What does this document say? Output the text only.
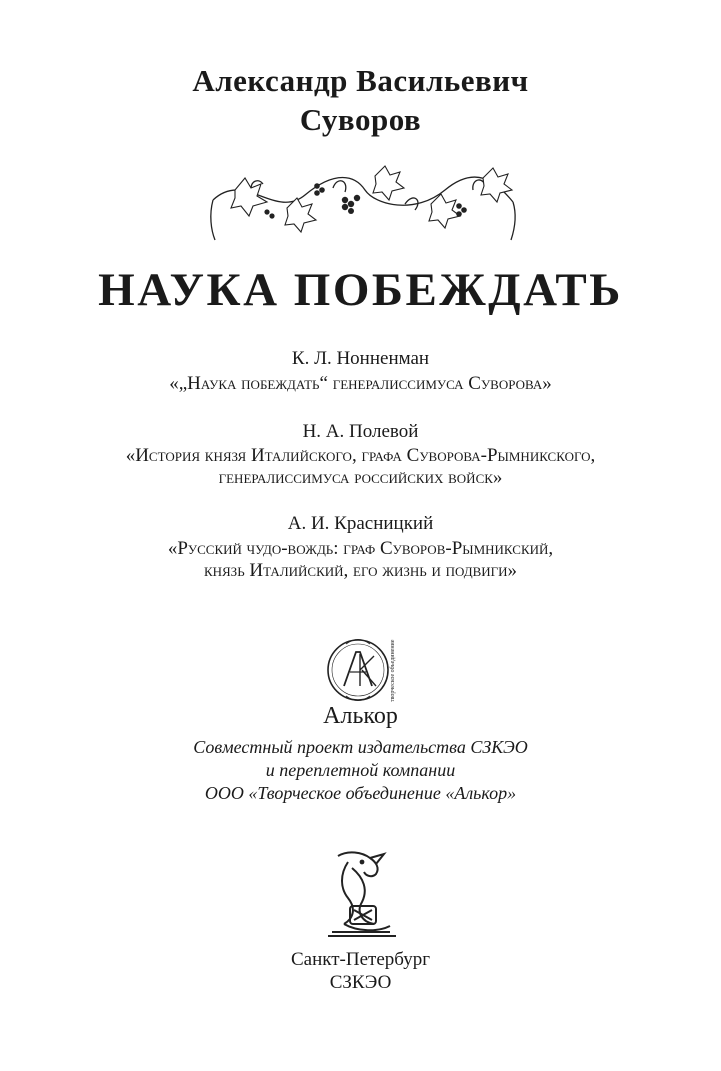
Александр Васильевич
Суворов
НАУКА ПОБЕЖДАТЬ
К. Л. Нонненман
«„Наука побеждать“ генералиссимуса Суворова»
Н. А. Полевой
«История князя Италийского, графа Суворова-Рымникского,
генералиссимуса российских войск»
А. И. Красницкий
«Русский чудо-вождь: граф Суворов-Рымникский,
князь Италийский, его жизнь и подвиги»
творческое объединение
Алькор
Совместный проект издательства СЗКЭО
и переплетной компании
ООО «Творческое объединение «Алькор»
Санкт-Петербург
СЗКЭО
